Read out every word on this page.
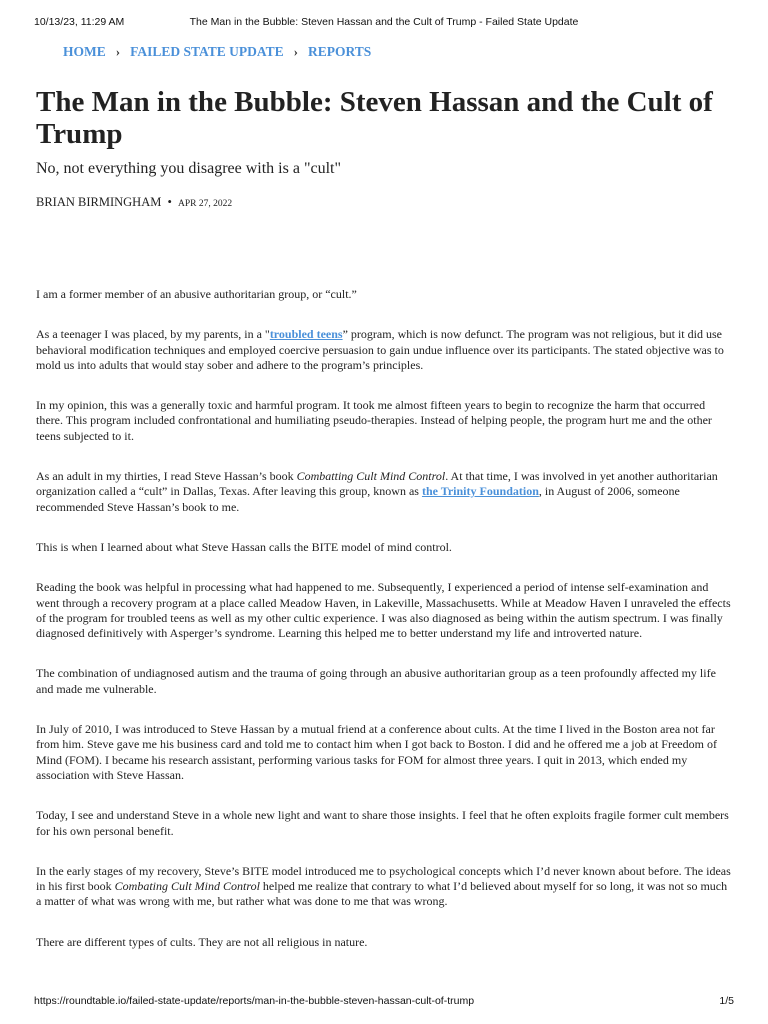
10/13/23, 11:29 AM	The Man in the Bubble: Steven Hassan and the Cult of Trump - Failed State Update
HOME › FAILED STATE UPDATE › REPORTS
The Man in the Bubble: Steven Hassan and the Cult of Trump
No, not everything you disagree with is a "cult"
BRIAN BIRMINGHAM • APR 27, 2022

I am a former member of an abusive authoritarian group, or “cult.”

As a teenager I was placed, by my parents, in a "troubled teens” program, which is now defunct. The program was not religious, but it did use behavioral modification techniques and employed coercive persuasion to gain undue influence over its participants. The stated objective was to mold us into adults that would stay sober and adhere to the program’s principles.

In my opinion, this was a generally toxic and harmful program. It took me almost fifteen years to begin to recognize the harm that occurred there. This program included confrontational and humiliating pseudo-therapies. Instead of helping people, the program hurt me and the other teens subjected to it.

As an adult in my thirties, I read Steve Hassan’s book Combatting Cult Mind Control. At that time, I was involved in yet another authoritarian organization called a “cult” in Dallas, Texas. After leaving this group, known as the Trinity Foundation, in August of 2006, someone recommended Steve Hassan’s book to me.

This is when I learned about what Steve Hassan calls the BITE model of mind control.

Reading the book was helpful in processing what had happened to me. Subsequently, I experienced a period of intense self-examination and went through a recovery program at a place called Meadow Haven, in Lakeville, Massachusetts. While at Meadow Haven I unraveled the effects of the program for troubled teens as well as my other cultic experience. I was also diagnosed as being within the autism spectrum. I was finally diagnosed definitively with Asperger’s syndrome. Learning this helped me to better understand my life and introverted nature.

The combination of undiagnosed autism and the trauma of going through an abusive authoritarian group as a teen profoundly affected my life and made me vulnerable.

In July of 2010, I was introduced to Steve Hassan by a mutual friend at a conference about cults. At the time I lived in the Boston area not far from him. Steve gave me his business card and told me to contact him when I got back to Boston. I did and he offered me a job at Freedom of Mind (FOM). I became his research assistant, performing various tasks for FOM for almost three years. I quit in 2013, which ended my association with Steve Hassan.

Today, I see and understand Steve in a whole new light and want to share those insights. I feel that he often exploits fragile former cult members for his own personal benefit.

In the early stages of my recovery, Steve’s BITE model introduced me to psychological concepts which I’d never known about before. The ideas in his first book Combating Cult Mind Control helped me realize that contrary to what I’d believed about myself for so long, it was not so much a matter of what was wrong with me, but rather what was done to me that was wrong.

There are different types of cults. They are not all religious in nature.

https://roundtable.io/failed-state-update/reports/man-in-the-bubble-steven-hassan-cult-of-trump	1/5
